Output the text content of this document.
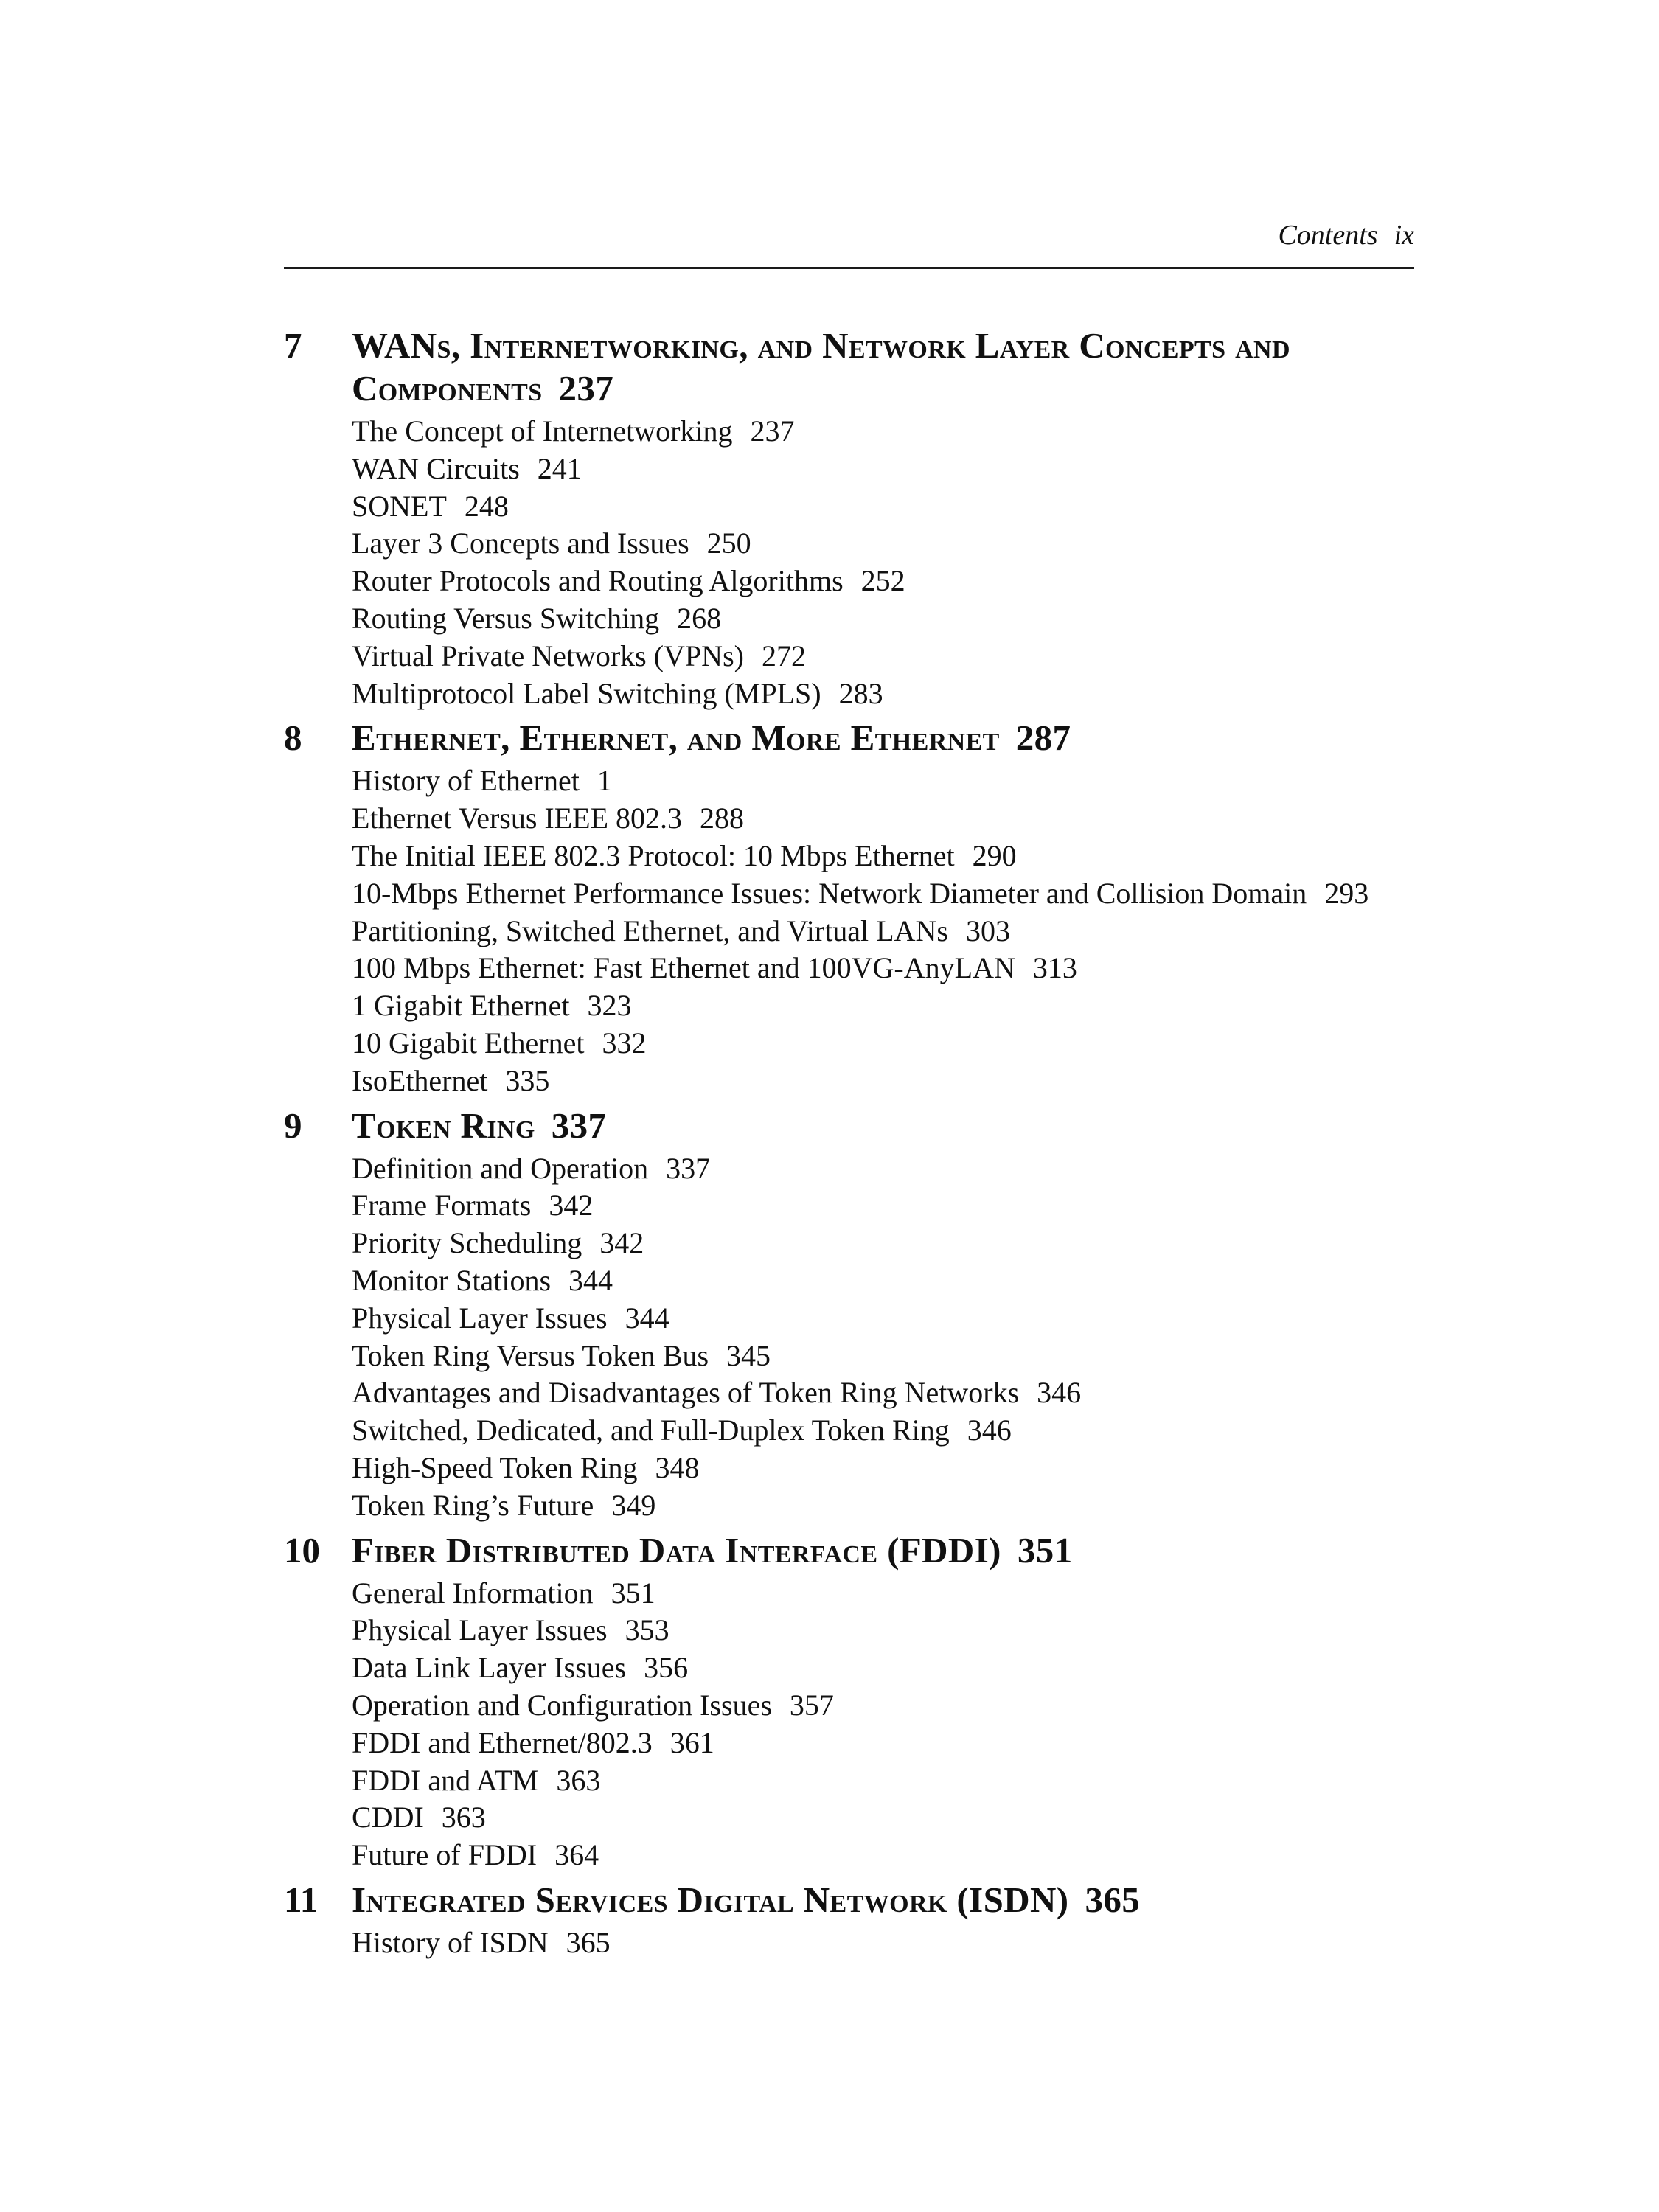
Contents ix
7	WANs, Internetworking, and Network Layer Concepts and Components 237
The Concept of Internetworking 237
WAN Circuits 241
SONET 248
Layer 3 Concepts and Issues 250
Router Protocols and Routing Algorithms 252
Routing Versus Switching 268
Virtual Private Networks (VPNs) 272
Multiprotocol Label Switching (MPLS) 283
8	Ethernet, Ethernet, and More Ethernet 287
History of Ethernet 1
Ethernet Versus IEEE 802.3 288
The Initial IEEE 802.3 Protocol: 10 Mbps Ethernet 290
10-Mbps Ethernet Performance Issues: Network Diameter and Collision Domain 293
Partitioning, Switched Ethernet, and Virtual LANs 303
100 Mbps Ethernet: Fast Ethernet and 100VG-AnyLAN 313
1 Gigabit Ethernet 323
10 Gigabit Ethernet 332
IsoEthernet 335
9	Token Ring 337
Definition and Operation 337
Frame Formats 342
Priority Scheduling 342
Monitor Stations 344
Physical Layer Issues 344
Token Ring Versus Token Bus 345
Advantages and Disadvantages of Token Ring Networks 346
Switched, Dedicated, and Full-Duplex Token Ring 346
High-Speed Token Ring 348
Token Ring’s Future 349
10 Fiber Distributed Data Interface (FDDI) 351
General Information 351
Physical Layer Issues 353
Data Link Layer Issues 356
Operation and Configuration Issues 357
FDDI and Ethernet/802.3 361
FDDI and ATM 363
CDDI 363
Future of FDDI 364
11 Integrated Services Digital Network (ISDN) 365
History of ISDN 365
